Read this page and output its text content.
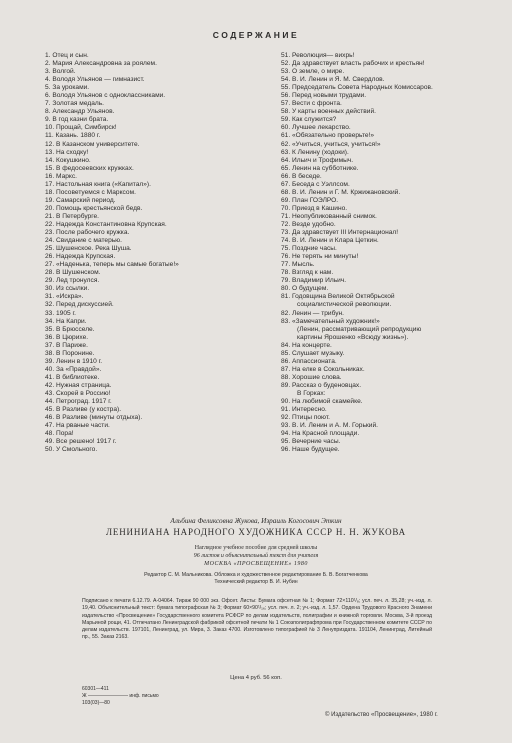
СОДЕРЖАНИЕ
1. Отец и сын.
2. Мария Александровна за роялем.
3. Волгой.
4. Володя Ульянов — гимназист.
5. За уроками.
6. Володя Ульянов с одноклассниками.
7. Золотая медаль.
8. Александр Ульянов.
9. В год казни брата.
10. Прощай, Симбирск!
11. Казань. 1880 г.
12. В Казанском университете.
13. На сходку!
14. Кокушкино.
15. В федосеевских кружках.
16. Маркс.
17. Настольная книга («Капитал»).
18. Посоветуемся с Марксом.
19. Самарский период.
20. Помощь крестьянской бедв.
21. В Петербурге.
22. Надежда Константиновна Крупская.
23. После рабочего кружка.
24. Свидание с матерью.
25. Шушенское. Река Шуша.
26. Надежда Крупская.
27. «Наденька, теперь мы самые богатые!»
28. В Шушенском.
29. Лед тронулся.
30. Из ссылки.
31. «Искра».
32. Перед дискуссией.
33. 1905 г.
34. На Капри.
35. В Брюсселе.
36. В Цюрихе.
37. В Париже.
38. В Поронине.
39. Ленин в 1910 г.
40. За «Правдой».
41. В библиотеке.
42. Нужная страница.
43. Скорей в Россию!
44. Петроград. 1917 г.
45. В Разливе (у костра).
46. В Разливе (минуты отдыха).
47. На рваные части.
48. Пора!
49. Все решено! 1917 г.
50. У Смольного.
51. Революция— вихрь!
52. Да здравствует власть рабочих и крестьян!
53. О земле, о мире.
54. В. И. Ленин и Я. М. Свердлов.
55. Председатель Совета Народных Комиссаров.
56. Перед новыми трудами.
57. Вести с фронта.
58. У карты военных действий.
59. Как служится?
60. Лучшее лекарство.
61. «Обязательно проверьте!»
62. «Учиться, учиться, учиться!»
63. К Ленину (ходоки).
64. Ильич и Трофимыч.
65. Ленин на субботнике.
66. В беседе.
67. Беседа с Уэллсом.
68. В. И. Ленин и Г. М. Кржижановский.
69. План ГОЭЛРО.
70. Приезд в Кашино.
71. Неопубликованный снимок.
72. Везде удобно.
73. Да здравствует III Интернационал!
74. В. И. Ленин и Клара Цеткин.
75. Поздние часы.
76. Не терять ни минуты!
77. Мысль.
78. Взгляд к нам.
79. Владимир Ильич.
80. О будущем.
81. Годовщина Великой Октябрьской
социалистической революции.
82. Ленин — трибун.
83. «Замечательный художник!»
(Ленин, рассматривающий репродукцию
картины Ярошенко «Всюду жизнь»).
84. На концерте.
85. Слушает музыку.
86. Аппассионата.
87. На елке в Сокольниках.
88. Хорошие слова.
89. Рассказ о буденовцах.
В Горках:
90. На любимой скамейке.
91. Интересно.
92. Птицы поют.
93. В. И. Ленин и А. М. Горький.
94. На Красной площади.
95. Вечерние часы.
96. Наше будущее.
Альбина Феликсовна Жукова, Израиль Когосович Эткин
ЛЕНИНИАНА НАРОДНОГО ХУДОЖНИКА СССР Н. Н. ЖУКОВА
Наглядное учебное пособие для средней школы
96 листов и объяснительный текст для учителя
МОСКВА «ПРОСВЕЩЕНИЕ» 1980
Редактор С. М. Мальникова. Обложка и художественное редактирование Б. В. Богатченкова
Технический редактор В. И. Нубин
Подписано к печати 6.12.79. А-04064. Тираж 90 000 экз. Офсет. Листы: Бумага офсетная № 1; Формат 72×110¹/₈; усл. печ. л. 35,28; уч.-изд. л. 19,40. Объяснительный текст: бумага типографская № 3; Формат 60×90¹/₁₆; усл. печ. л. 2; уч.-изд. л. 1,57. Ордена Трудового Красного Знамени издательство «Просвещение» Государственного комитета РСФСР по делам издательств, полиграфии и книжной торговли. Москва, 3-й проезд Марьиной рощи, 41. Отпечатано Ленинградской фабрикой офсетной печати № 1 Союзполиграфпрома при Государственном комитете СССР по делам издательств. 197101, Ленинград, ул. Мира, 3. Заказ 4700. Изготовлено типографией № 3 Ленуприздата. 191104, Ленинград, Литейный пр., 55. Заказ 2163.
Цена 4 руб. 56 коп.
60301—411
Ж ———————— инф. письмо
103(03)—80
© Издательство «Просвещение», 1980 г.
